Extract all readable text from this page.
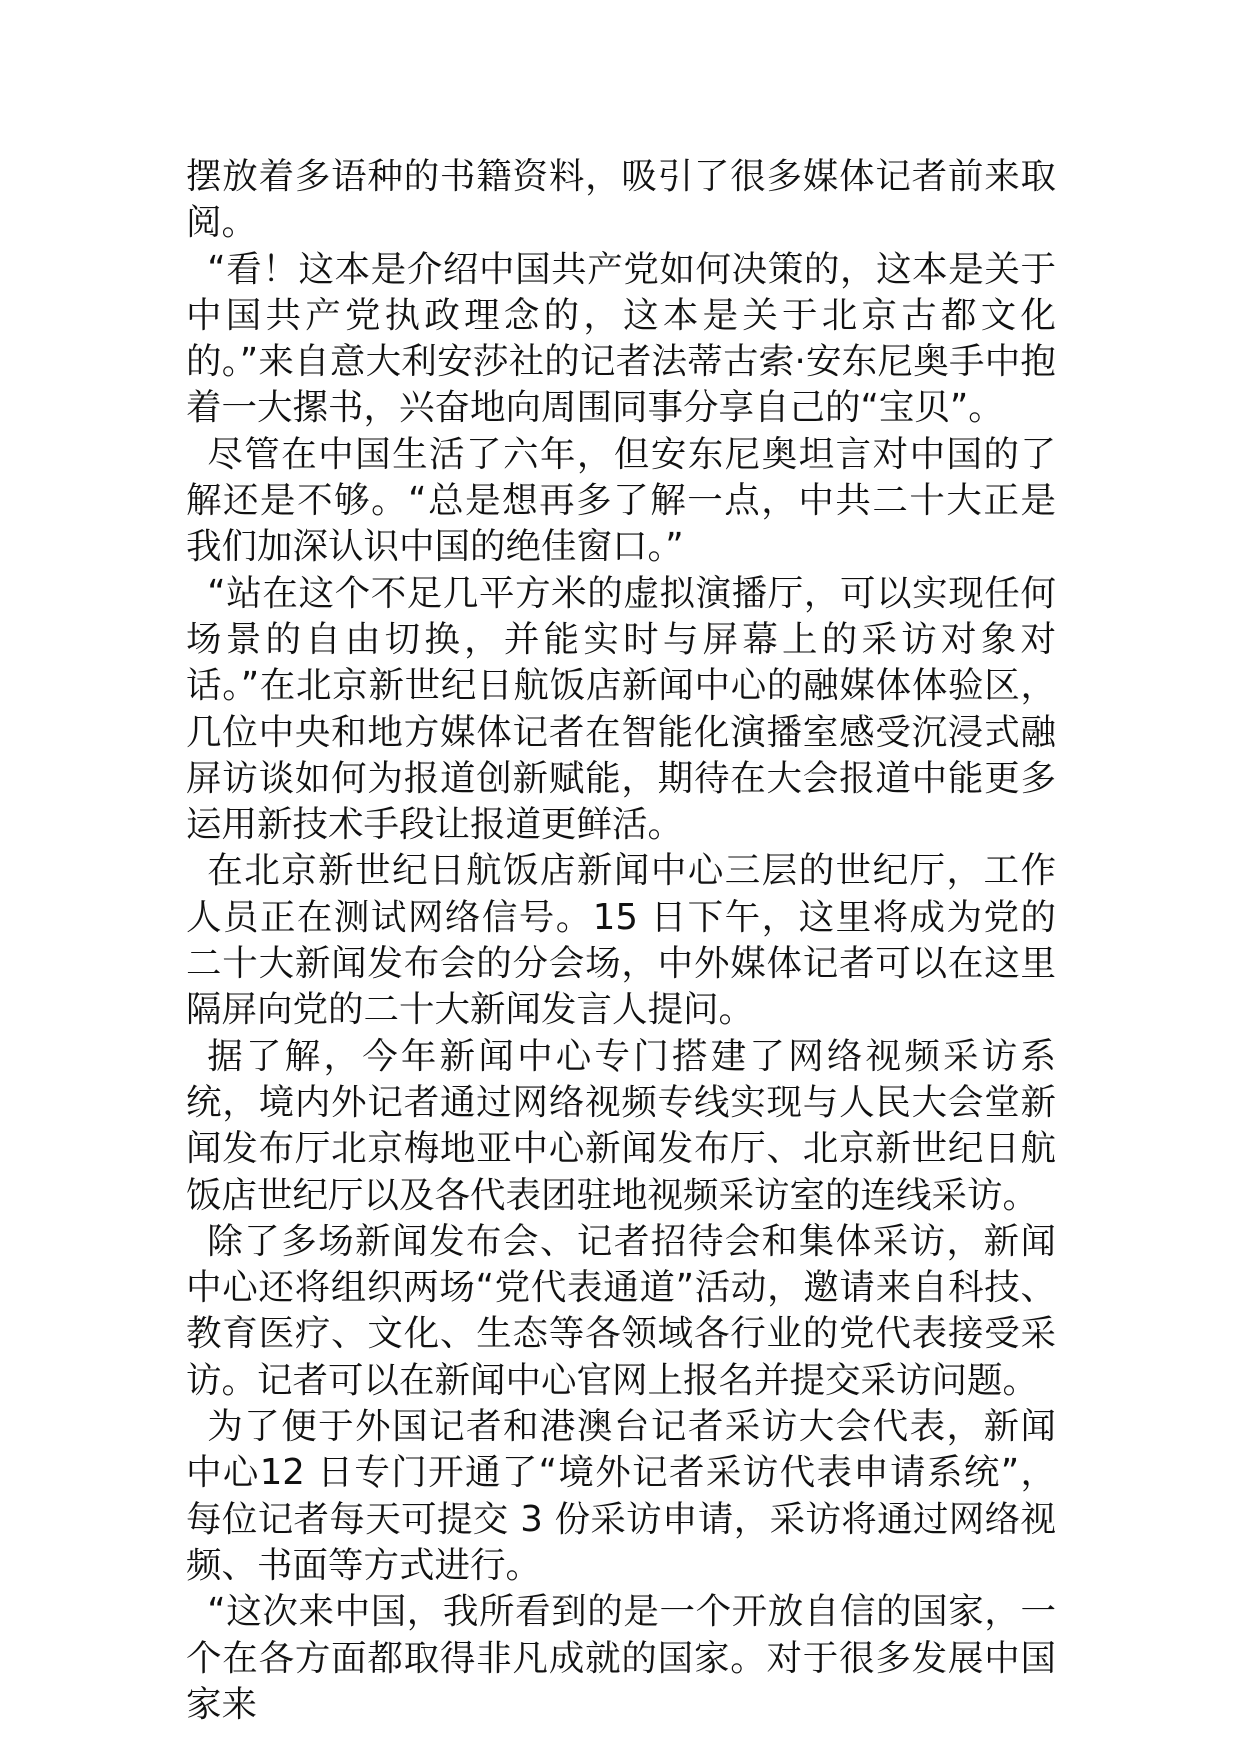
摆放着多语种的书籍资料，吸引了很多媒体记者前来取阅。

“看！这本是介绍中国共产党如何决策的，这本是关于中国共产党执政理念的，这本是关于北京古都文化的。”来自意大利安莎社的记者法蒂古索·安东尼奥手中抱着一大摞书，兴奋地向周围同事分享自己的“宝贝”。

尽管在中国生活了六年，但安东尼奥坦言对中国的了解还是不够。“总是想再多了解一点，中共二十大正是我们加深认识中国的绝佳窗口。”

“站在这个不足几平方米的虚拟演播厅，可以实现任何场景的自由切换，并能实时与屏幕上的采访对象对话。”在北京新世纪日航饭店新闻中心的融媒体体验区，几位中央和地方媒体记者在智能化演播室感受沉浸式融屏访谈如何为报道创新赋能，期待在大会报道中能更多运用新技术手段让报道更鲜活。

在北京新世纪日航饭店新闻中心三层的世纪厅，工作人员正在测试网络信号。15 日下午，这里将成为党的二十大新闻发布会的分会场，中外媒体记者可以在这里隔屏向党的二十大新闻发言人提问。

据了解，今年新闻中心专门搭建了网络视频采访系统，境内外记者通过网络视频专线实现与人民大会堂新闻发布厅北京梅地亚中心新闻发布厅、北京新世纪日航饭店世纪厅以及各代表团驻地视频采访室的连线采访。

除了多场新闻发布会、记者招待会和集体采访，新闻中心还将组织两场“党代表通道”活动，邀请来自科技、教育医疗、文化、生态等各领域各行业的党代表接受采访。记者可以在新闻中心官网上报名并提交采访问题。

为了便于外国记者和港澳台记者采访大会代表，新闻中心12 日专门开通了“境外记者采访代表申请系统”，每位记者每天可提交 3 份采访申请，采访将通过网络视频、书面等方式进行。

“这次来中国，我所看到的是一个开放自信的国家，一个在各方面都取得非凡成就的国家。对于很多发展中国家来
